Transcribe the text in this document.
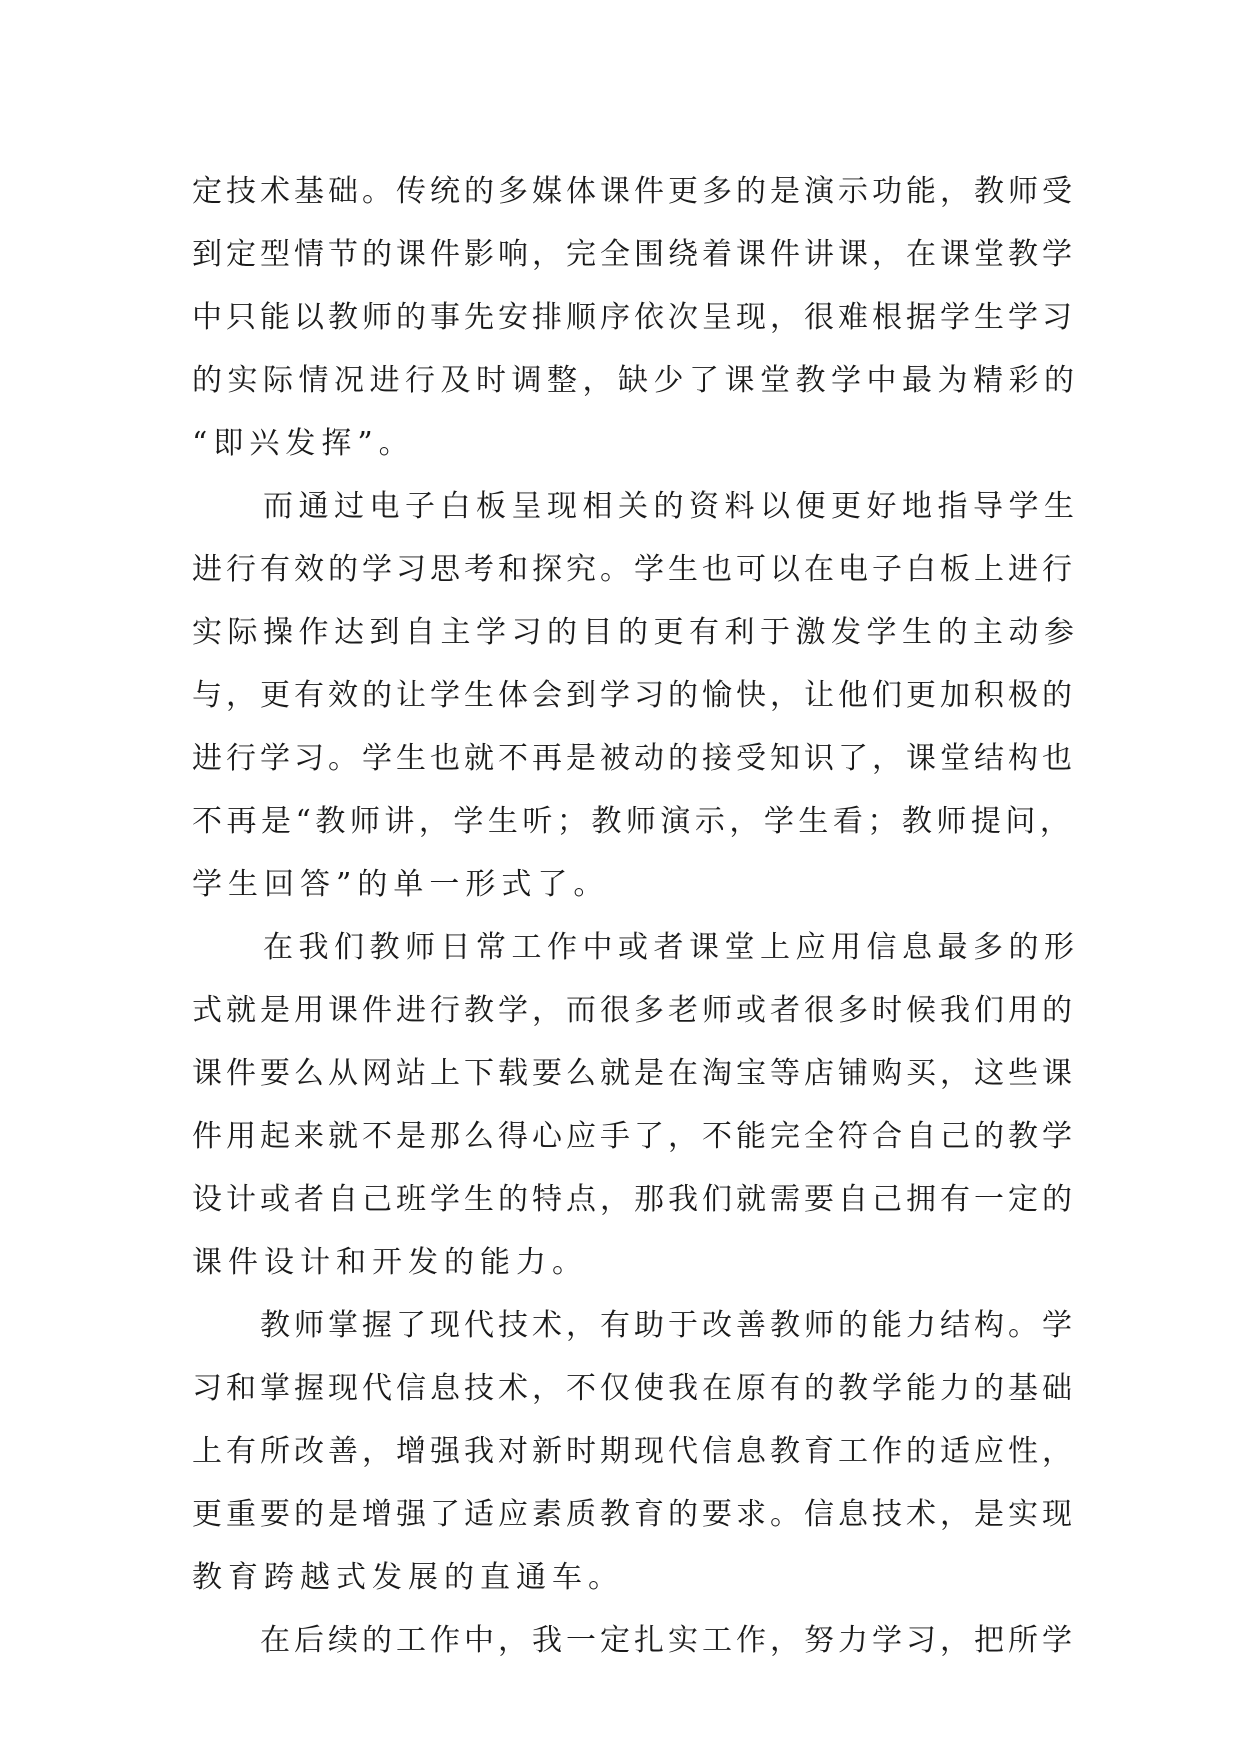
定技术基础。传统的多媒体课件更多的是演示功能，教师受
到定型情节的课件影响，完全围绕着课件讲课，在课堂教学
中只能以教师的事先安排顺序依次呈现，很难根据学生学习
的实际情况进行及时调整，缺少了课堂教学中最为精彩的
“即兴发挥”。
　　而通过电子白板呈现相关的资料以便更好地指导学生
进行有效的学习思考和探究。学生也可以在电子白板上进行
实际操作达到自主学习的目的更有利于激发学生的主动参
与，更有效的让学生体会到学习的愉快，让他们更加积极的
进行学习。学生也就不再是被动的接受知识了，课堂结构也
不再是“教师讲，学生听；教师演示，学生看；教师提问，
学生回答”的单一形式了。
　　在我们教师日常工作中或者课堂上应用信息最多的形
式就是用课件进行教学，而很多老师或者很多时候我们用的
课件要么从网站上下载要么就是在淘宝等店铺购买，这些课
件用起来就不是那么得心应手了，不能完全符合自己的教学
设计或者自己班学生的特点，那我们就需要自己拥有一定的
课件设计和开发的能力。
　　教师掌握了现代技术，有助于改善教师的能力结构。学
习和掌握现代信息技术，不仅使我在原有的教学能力的基础
上有所改善，增强我对新时期现代信息教育工作的适应性，
更重要的是增强了适应素质教育的要求。信息技术，是实现
教育跨越式发展的直通车。
　　在后续的工作中，我一定扎实工作，努力学习，把所学
